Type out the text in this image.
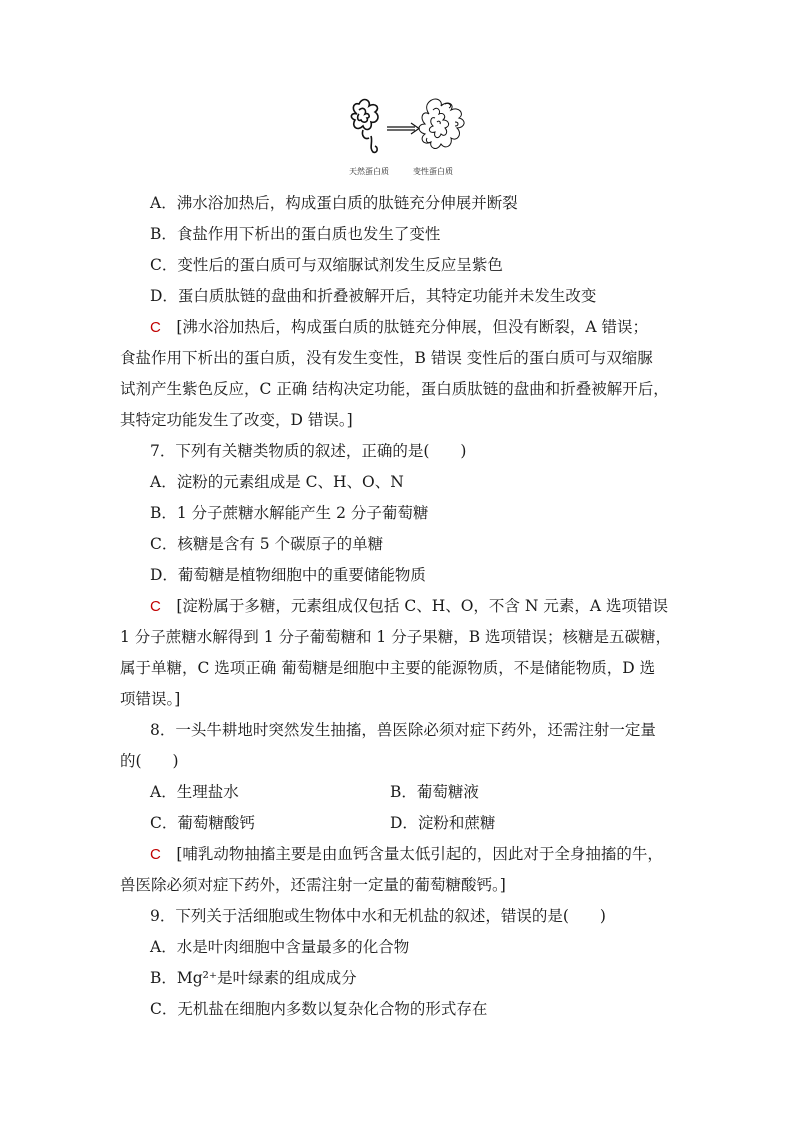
天然蛋白质	变性蛋白质
A．沸水浴加热后，构成蛋白质的肽链充分伸展并断裂
B．食盐作用下析出的蛋白质也发生了变性
C．变性后的蛋白质可与双缩脲试剂发生反应呈紫色
D．蛋白质肽链的盘曲和折叠被解开后，其特定功能并未发生改变
C　 [沸水浴加热后，构成蛋白质的肽链充分伸展，但没有断裂，A 错误；
食盐作用下析出的蛋白质，没有发生变性，B 错误 变性后的蛋白质可与双缩脲
试剂产生紫色反应，C 正确 结构决定功能，蛋白质肽链的盘曲和折叠被解开后，
其特定功能发生了改变，D 错误。]
7．下列有关糖类物质的叙述，正确的是(　　)
A．淀粉的元素组成是 C、H、O、N
B．1 分子蔗糖水解能产生 2 分子葡萄糖
C．核糖是含有 5 个碳原子的单糖
D．葡萄糖是植物细胞中的重要储能物质
C　 [淀粉属于多糖，元素组成仅包括 C、H、O，不含 N 元素，A 选项错误
1 分子蔗糖水解得到 1 分子葡萄糖和 1 分子果糖，B 选项错误；核糖是五碳糖，
属于单糖，C 选项正确 葡萄糖是细胞中主要的能源物质，不是储能物质，D 选
项错误。]
8．一头牛耕地时突然发生抽搐，兽医除必须对症下药外，还需注射一定量
的(　　)
A．生理盐水	B．葡萄糖液
C．葡萄糖酸钙	D．淀粉和蔗糖
C　 [哺乳动物抽搐主要是由血钙含量太低引起的，因此对于全身抽搐的牛，
兽医除必须对症下药外，还需注射一定量的葡萄糖酸钙。]
9．下列关于活细胞或生物体中水和无机盐的叙述，错误的是(　　)
A．水是叶肉细胞中含量最多的化合物
B．Mg²⁺是叶绿素的组成成分
C．无机盐在细胞内多数以复杂化合物的形式存在
